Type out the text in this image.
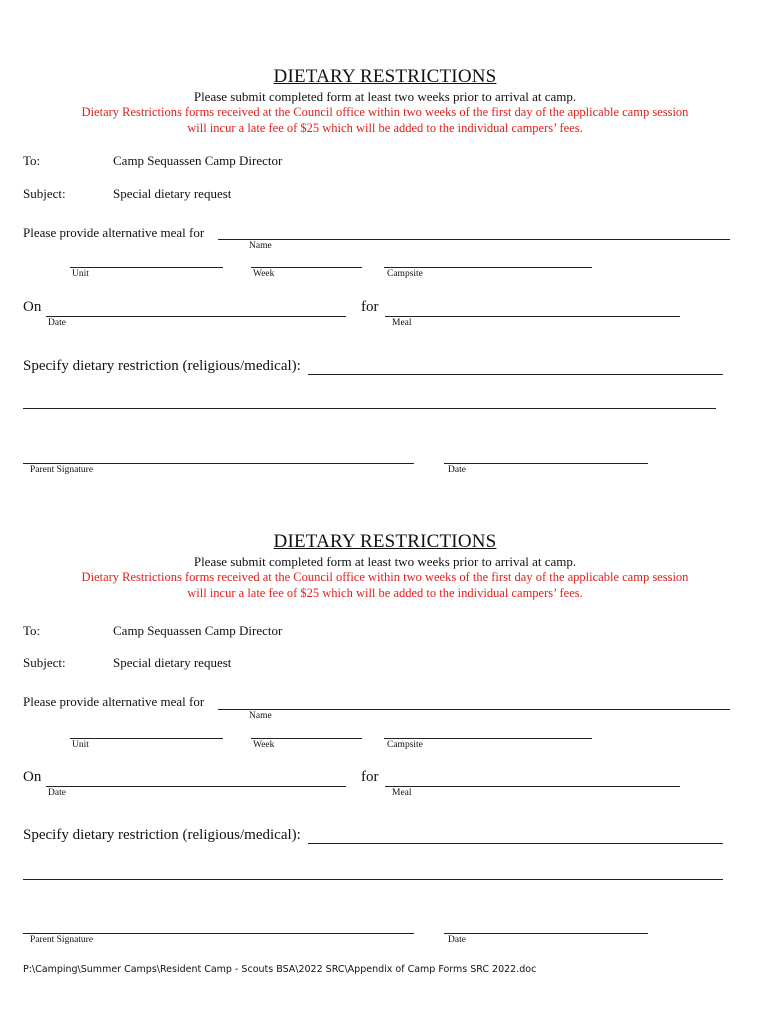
DIETARY RESTRICTIONS
Please submit completed form at least two weeks prior to arrival at camp.
Dietary Restrictions forms received at the Council office within two weeks of the first day of the applicable camp session
will incur a late fee of $25 which will be added to the individual campers’ fees.
To:	Camp Sequassen Camp Director
Subject:	Special dietary request
Please provide alternative meal for
Name
Unit	Week	Campsite
On
Date
for
Meal
Specify dietary restriction (religious/medical):
Parent Signature	Date
DIETARY RESTRICTIONS
Please submit completed form at least two weeks prior to arrival at camp.
Dietary Restrictions forms received at the Council office within two weeks of the first day of the applicable camp session
will incur a late fee of $25 which will be added to the individual campers’ fees.
To:	Camp Sequassen Camp Director
Subject:	Special dietary request
Please provide alternative meal for
Name
Unit	Week	Campsite
On
Date
for
Meal
Specify dietary restriction (religious/medical):
Parent Signature	Date
P:\Camping\Summer Camps\Resident Camp - Scouts BSA\2022 SRC\Appendix of Camp Forms SRC 2022.doc
